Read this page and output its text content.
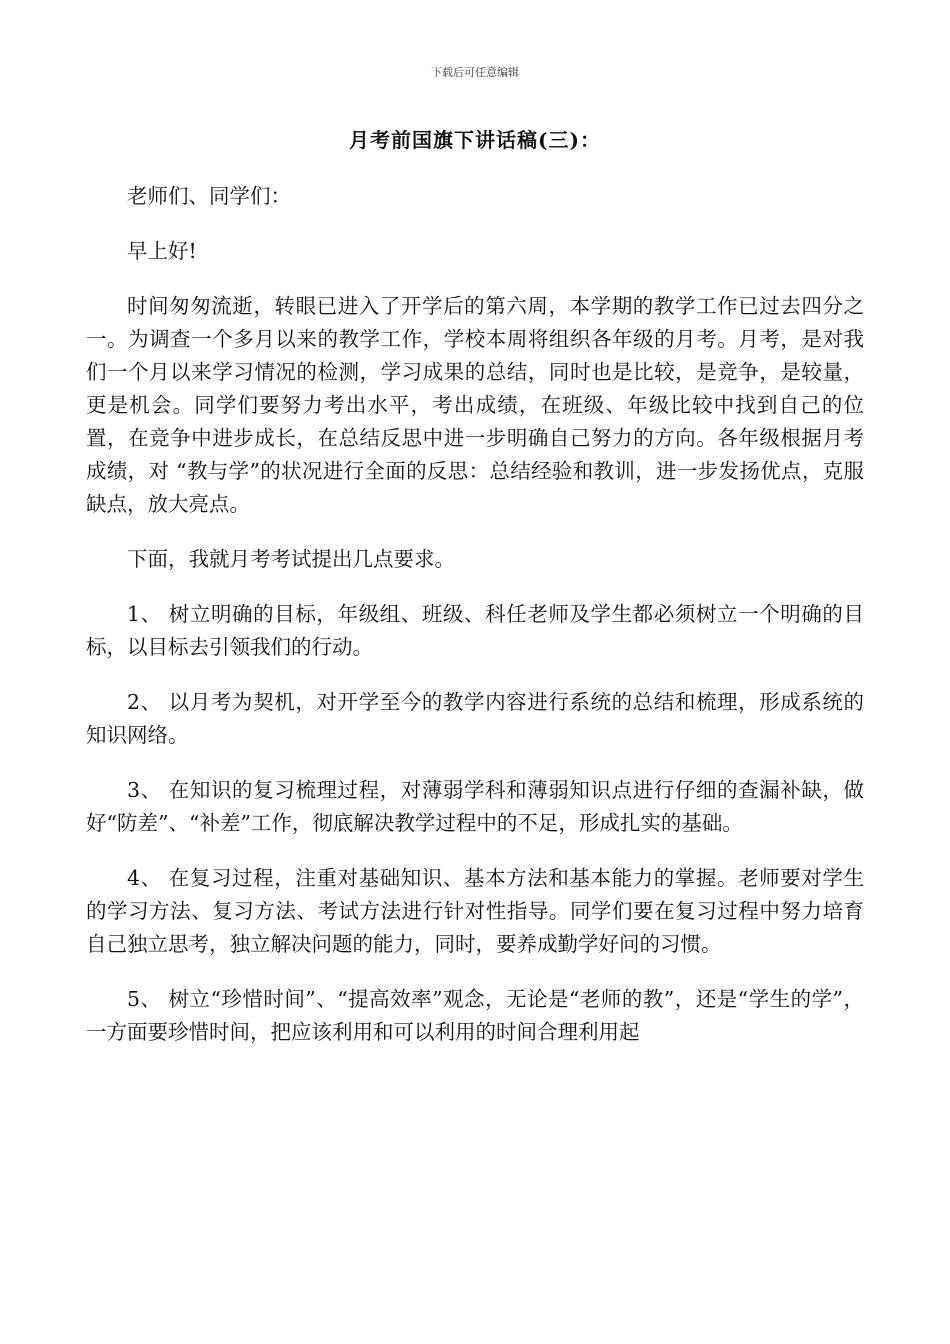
下载后可任意编辑
月考前国旗下讲话稿(三)：

老师们、同学们：

早上好!

时间匆匆流逝，转眼已进入了开学后的第六周，本学期的教学工作已过去四分之一。为调查一个多月以来的教学工作，学校本周将组织各年级的月考。月考，是对我们一个月以来学习情况的检测，学习成果的总结，同时也是比较，是竞争，是较量，更是机会。同学们要努力考出水平，考出成绩，在班级、年级比较中找到自己的位置，在竞争中进步成长，在总结反思中进一步明确自己努力的方向。各年级根据月考成绩，对 “教与学”的状况进行全面的反思：总结经验和教训，进一步发扬优点，克服缺点，放大亮点。

下面，我就月考考试提出几点要求。

1、 树立明确的目标，年级组、班级、科任老师及学生都必须树立一个明确的目标，以目标去引领我们的行动。

2、 以月考为契机，对开学至今的教学内容进行系统的总结和梳理，形成系统的知识网络。

3、 在知识的复习梳理过程，对薄弱学科和薄弱知识点进行仔细的查漏补缺，做好“防差”、“补差”工作，彻底解决教学过程中的不足，形成扎实的基础。

4、 在复习过程，注重对基础知识、基本方法和基本能力的掌握。老师要对学生的学习方法、复习方法、考试方法进行针对性指导。同学们要在复习过程中努力培育自己独立思考，独立解决问题的能力，同时，要养成勤学好问的习惯。

5、 树立“珍惜时间”、“提高效率”观念，无论是“老师的教”，还是“学生的学”，一方面要珍惜时间，把应该利用和可以利用的时间合理利用起
